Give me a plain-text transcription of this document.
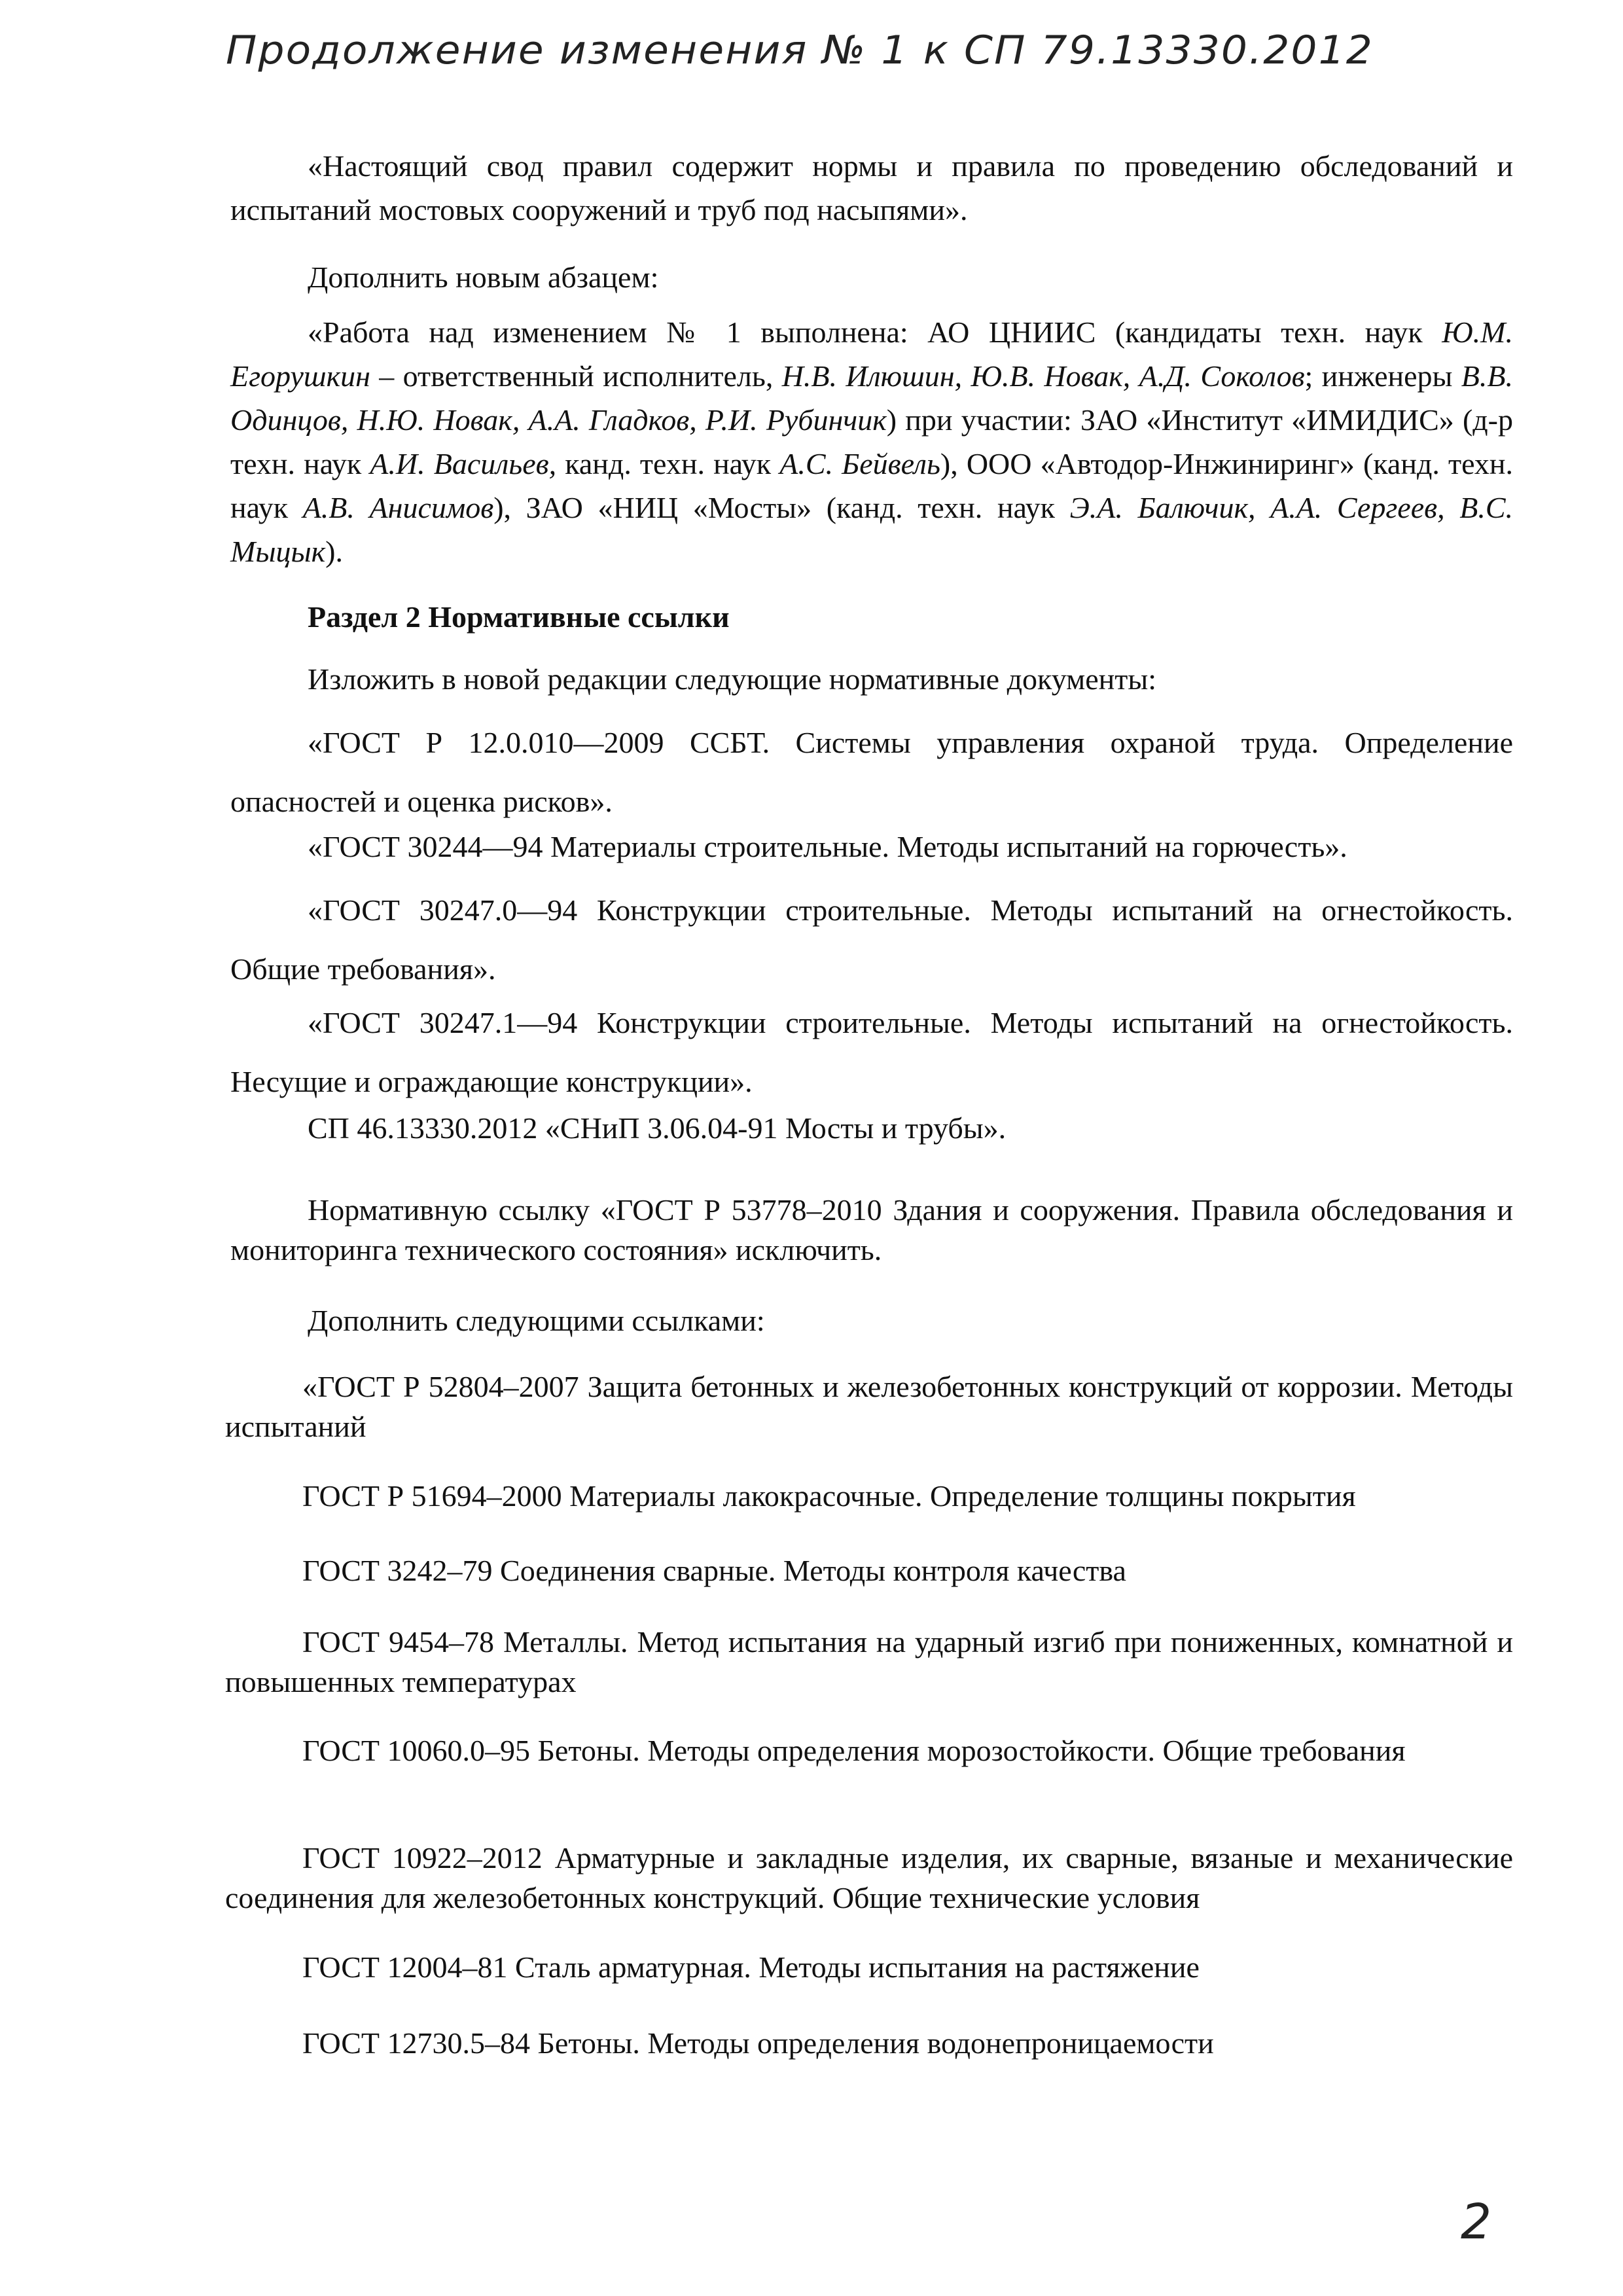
Продолжение изменения № 1 к СП 79.13330.2012

«Настоящий свод правил содержит нормы и правила по проведению обследований и испытаний мостовых сооружений и труб под насыпями».

Дополнить новым абзацем:

«Работа над изменением № 1 выполнена: АО ЦНИИС (кандидаты техн. наук Ю.М. Егорушкин – ответственный исполнитель, Н.В. Илюшин, Ю.В. Новак, А.Д. Соколов; инженеры В.В. Одинцов, Н.Ю. Новак, А.А. Гладков, Р.И. Рубинчик) при участии: ЗАО «Институт «ИМИДИС» (д-р техн. наук А.И. Васильев, канд. техн. наук А.С. Бейвель), ООО «Автодор-Инжиниринг» (канд. техн. наук А.В. Анисимов), ЗАО «НИЦ «Мосты» (канд. техн. наук Э.А. Балючик, А.А. Сергеев, В.С. Мыцык).

Раздел 2 Нормативные ссылки

Изложить в новой редакции следующие нормативные документы:

«ГОСТ Р 12.0.010—2009 ССБТ. Системы управления охраной труда. Определение опасностей и оценка рисков».

«ГОСТ 30244—94 Материалы строительные. Методы испытаний на горючесть».

«ГОСТ 30247.0—94 Конструкции строительные. Методы испытаний на огнестойкость. Общие требования».

«ГОСТ 30247.1—94 Конструкции строительные. Методы испытаний на огнестойкость. Несущие и ограждающие конструкции».

СП 46.13330.2012 «СНиП 3.06.04-91 Мосты и трубы».

Нормативную ссылку «ГОСТ Р 53778–2010 Здания и сооружения. Правила обследования и мониторинга технического состояния» исключить.

Дополнить следующими ссылками:

«ГОСТ Р 52804–2007 Защита бетонных и железобетонных конструкций от коррозии. Методы испытаний

ГОСТ Р 51694–2000 Материалы лакокрасочные. Определение толщины покрытия

ГОСТ 3242–79 Соединения сварные. Методы контроля качества

ГОСТ 9454–78 Металлы. Метод испытания на ударный изгиб при пониженных, комнатной и повышенных температурах

ГОСТ 10060.0–95 Бетоны. Методы определения морозостойкости. Общие требования

ГОСТ 10922–2012 Арматурные и закладные изделия, их сварные, вязаные и механические соединения для железобетонных конструкций. Общие технические условия

ГОСТ 12004–81 Сталь арматурная. Методы испытания на растяжение

ГОСТ 12730.5–84 Бетоны. Методы определения водонепроницаемости

2
